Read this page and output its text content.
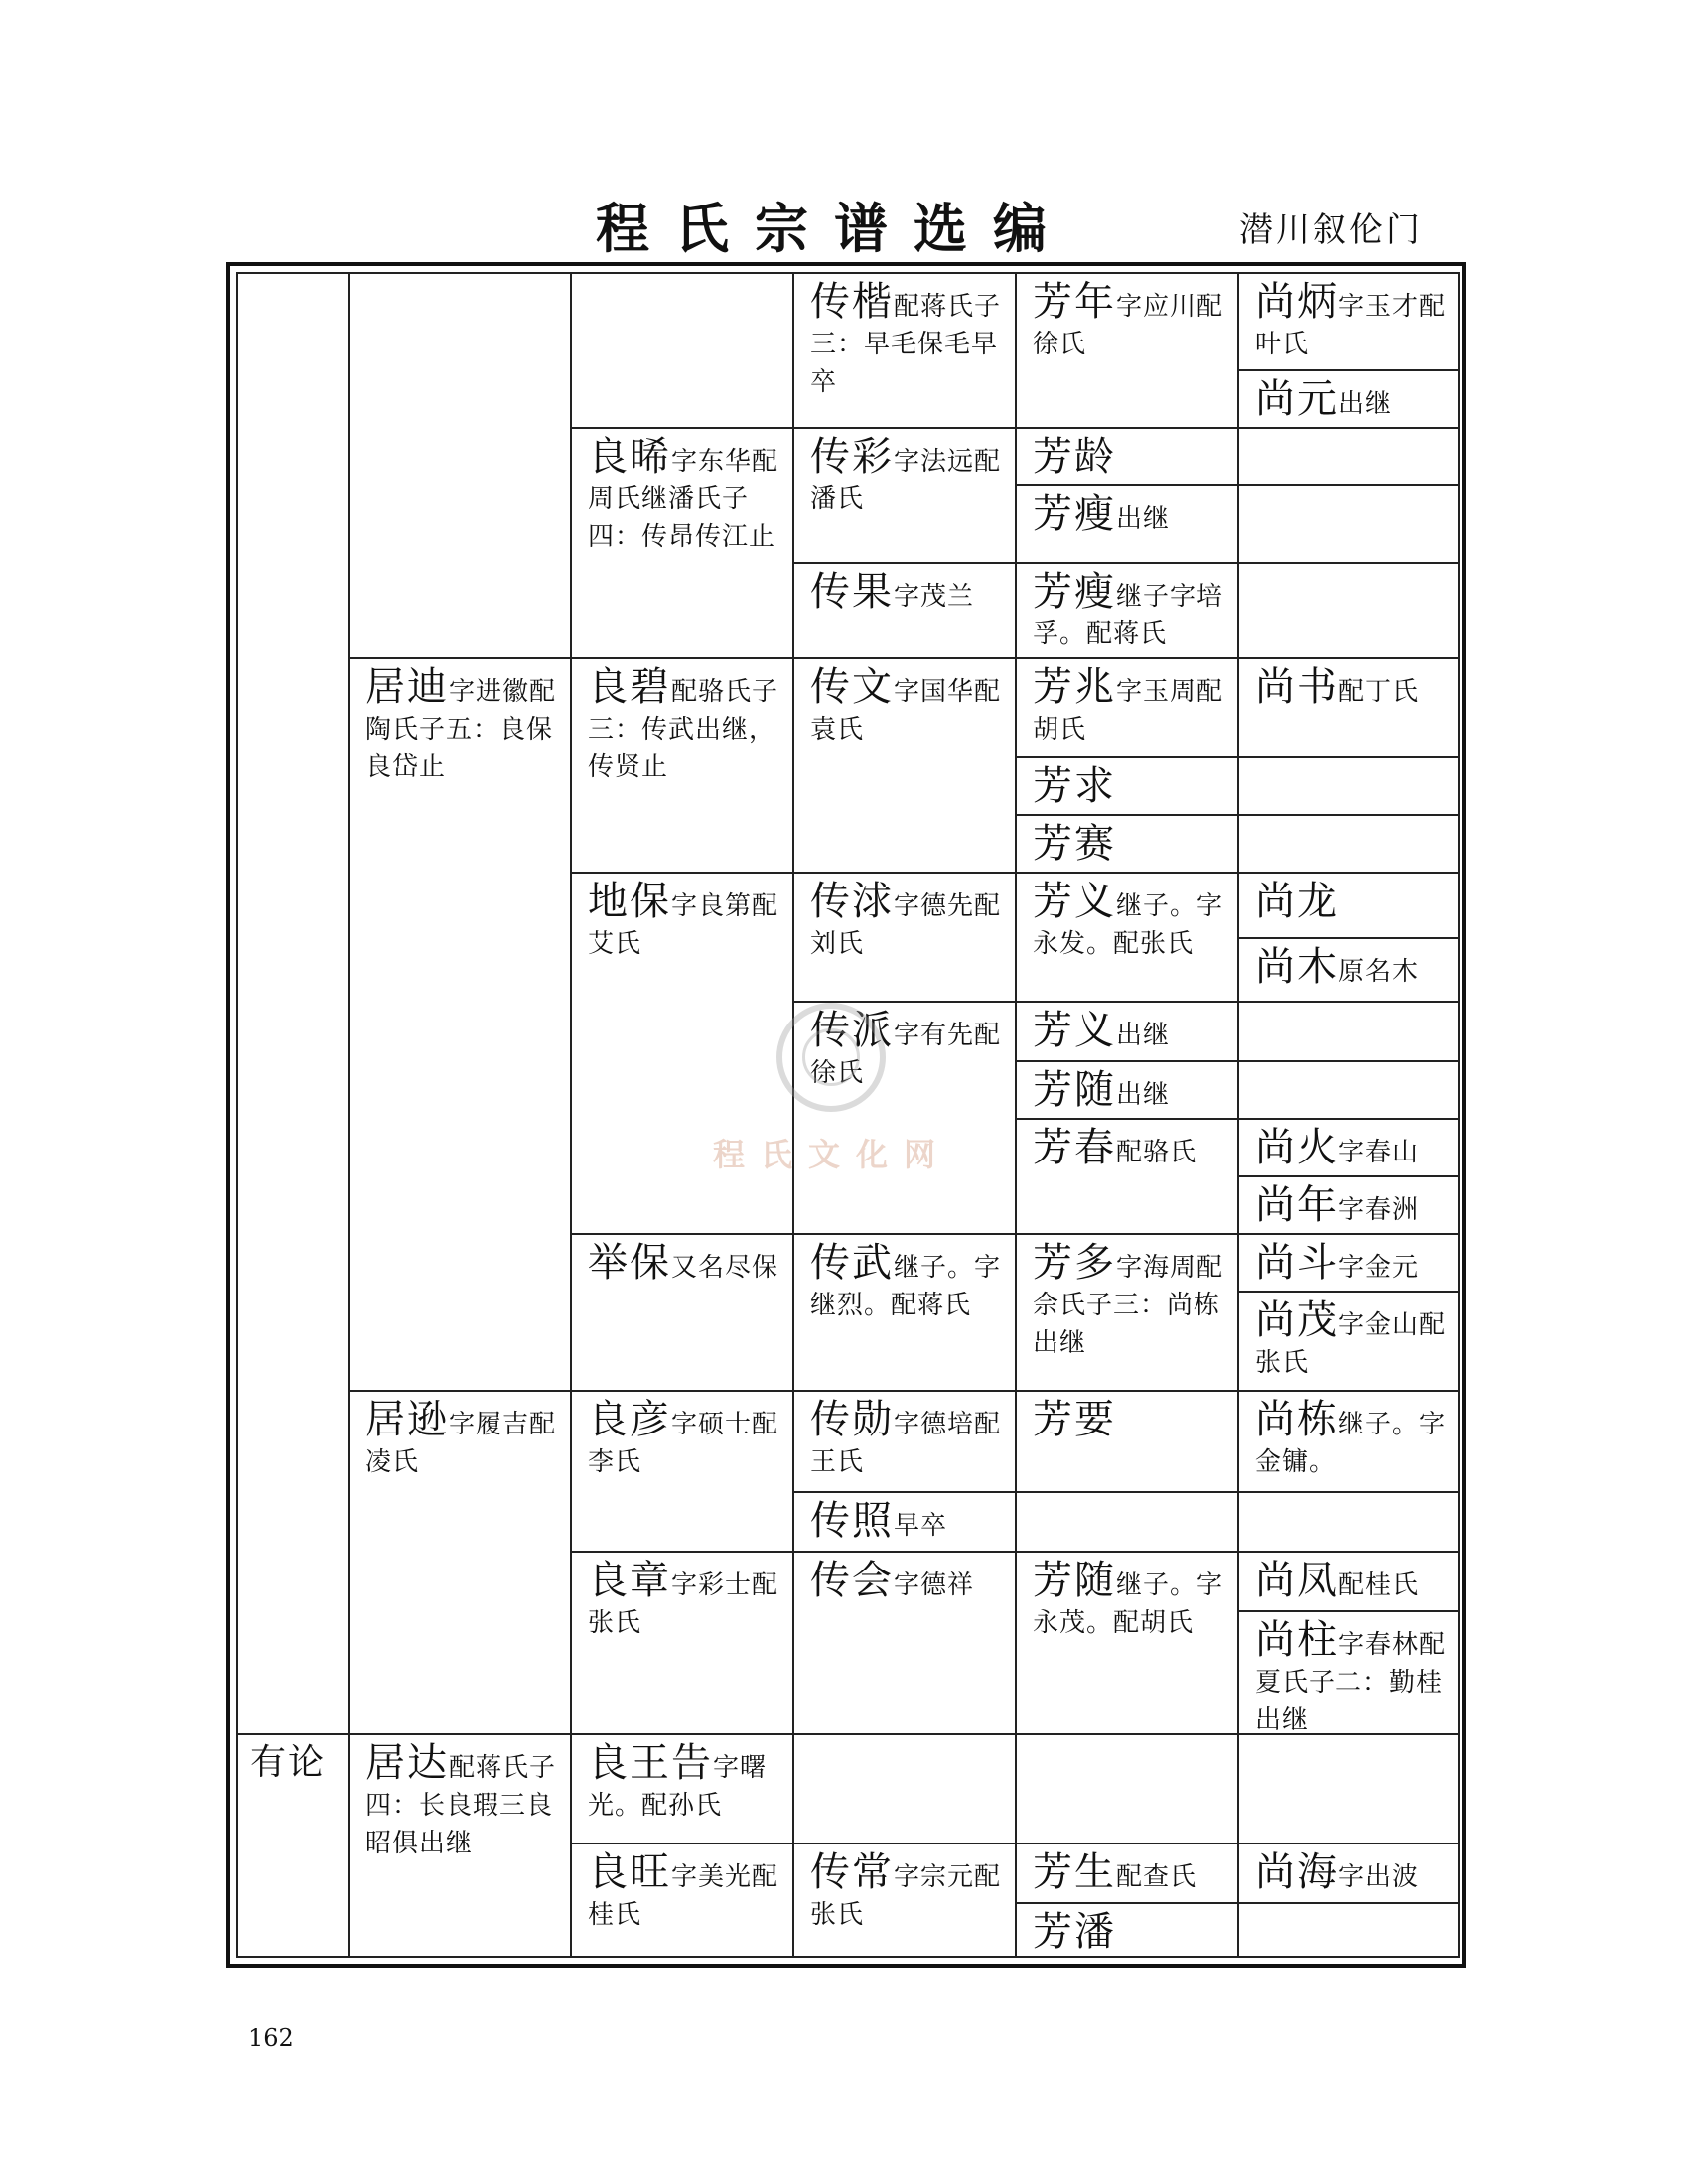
程氏宗谱选编	潜川叙伦门
有论
居迪字进徽配陶氏子五：良保良岱止
居逊字履吉配凌氏
居达配蒋氏子四：长良瑕三良昭俱出继
良晞字东华配周氏继潘氏子四：传昂传江止
良碧配骆氏子三：传武出继，传贤止
地保字良第配艾氏
举保又名尽保
良彦字硕士配李氏
良章字彩士配张氏
良王告字曙光。配孙氏
良旺字美光配桂氏
传楷配蒋氏子三：早毛保毛早卒
传彩字法远配潘氏
传果字茂兰
传文字国华配袁氏
传浗字德先配刘氏
传派字有先配徐氏
传武继子。字继烈。配蒋氏
传勋字德培配王氏
传照早卒
传会字德祥
传常字宗元配张氏
芳年字应川配徐氏
芳龄
芳瘦出继
芳瘦继子字培孚。配蒋氏
芳兆字玉周配胡氏
芳求
芳赛
芳义继子。字永发。配张氏
芳义出继
芳随出继
芳春配骆氏
芳多字海周配佘氏子三：尚栋出继
芳要
芳随继子。字永茂。配胡氏
芳生配查氏
芳潘
尚炳字玉才配叶氏
尚元出继
尚书配丁氏
尚龙
尚木原名木
尚火字春山
尚年字春洲
尚斗字金元
尚茂字金山配张氏
尚栋继子。字金镛。
尚凤配桂氏
尚柱字春林配夏氏子二：勤桂出继
尚海字出波
程氏文化网
162
